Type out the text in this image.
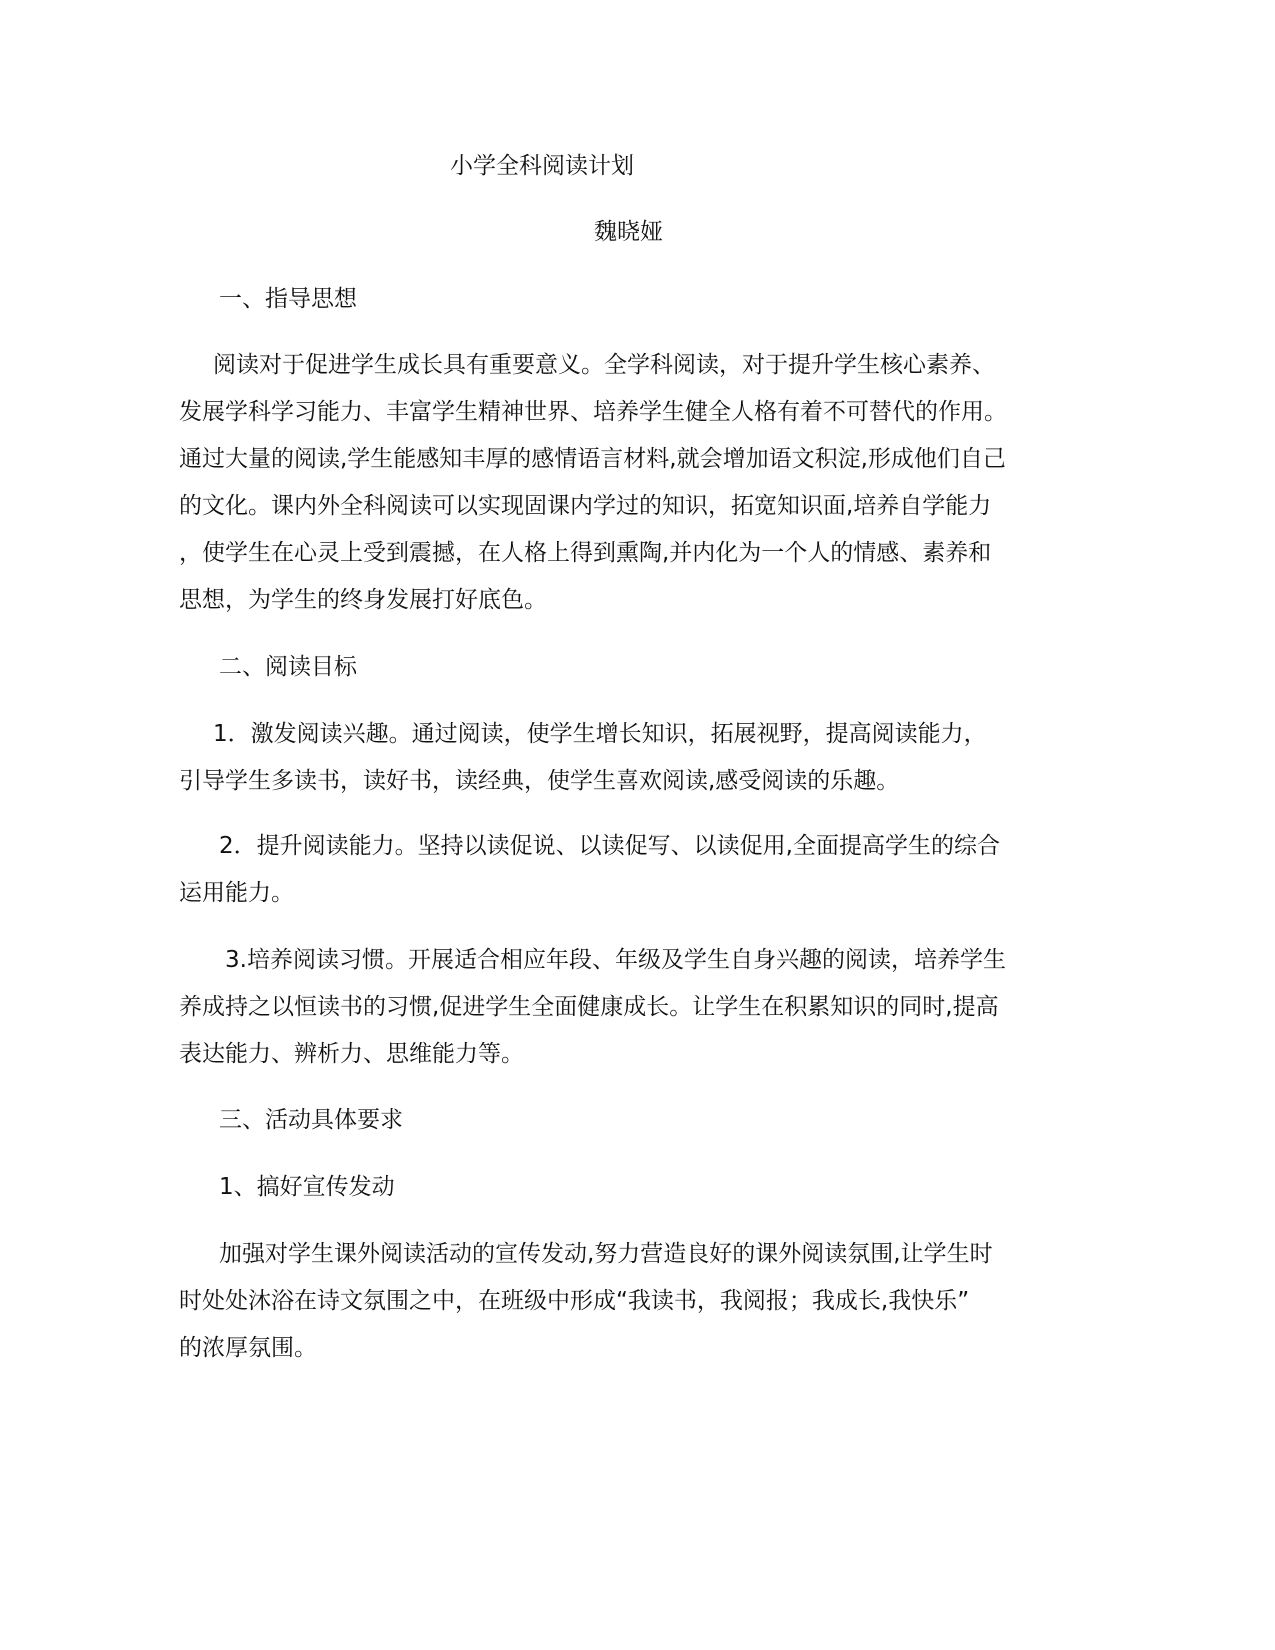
小学全科阅读计划
魏晓娅
一、指导思想
阅读对于促进学生成长具有重要意义。全学科阅读，对于提升学生核心素养、
发展学科学习能力、丰富学生精神世界、培养学生健全人格有着不可替代的作用。
通过大量的阅读,学生能感知丰厚的感情语言材料,就会增加语文积淀,形成他们自己
的文化。课内外全科阅读可以实现固课内学过的知识，拓宽知识面,培养自学能力
，使学生在心灵上受到震撼，在人格上得到熏陶,并内化为一个人的情感、素养和
思想，为学生的终身发展打好底色。
二、阅读目标
1．激发阅读兴趣。通过阅读，使学生增长知识，拓展视野，提高阅读能力，
引导学生多读书，读好书，读经典，使学生喜欢阅读,感受阅读的乐趣。
2．提升阅读能力。坚持以读促说、以读促写、以读促用,全面提高学生的综合
运用能力。
3.培养阅读习惯。开展适合相应年段、年级及学生自身兴趣的阅读，培养学生
养成持之以恒读书的习惯,促进学生全面健康成长。让学生在积累知识的同时,提高
表达能力、辨析力、思维能力等。
三、活动具体要求
1、搞好宣传发动
加强对学生课外阅读活动的宣传发动,努力营造良好的课外阅读氛围,让学生时
时处处沐浴在诗文氛围之中，在班级中形成“我读书，我阅报；我成长,我快乐”
的浓厚氛围。
